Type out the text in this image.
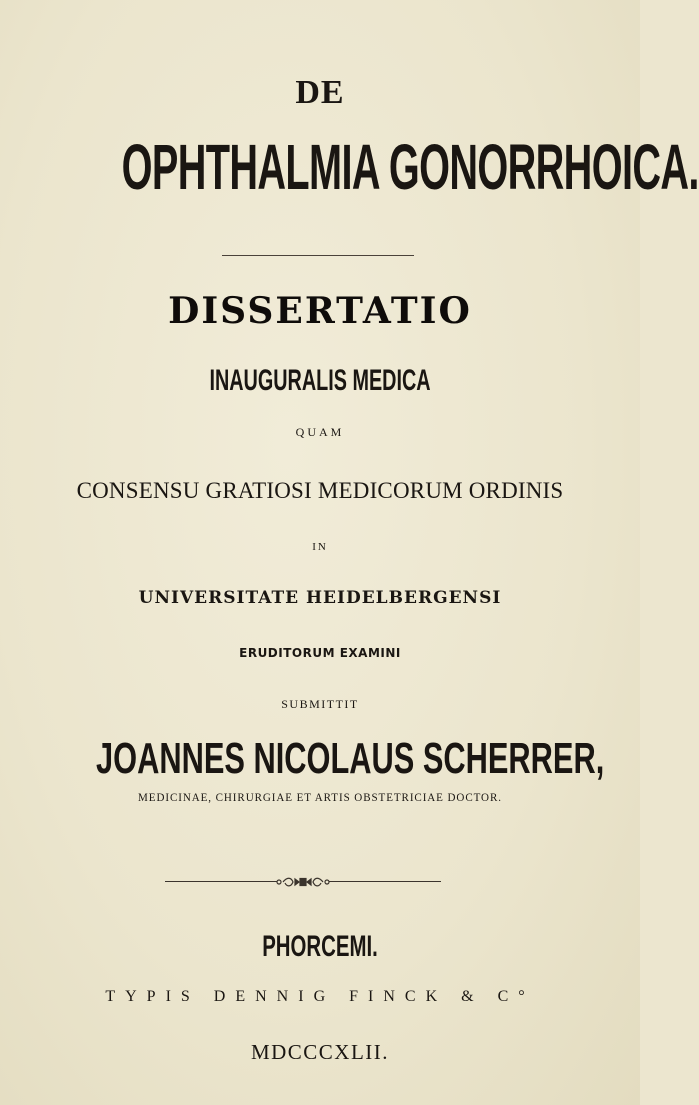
DE

OPHTHALMIA GONORRHOICA.

DISSERTATIO

INAUGURALIS MEDICA

QUAM

CONSENSU GRATIOSI MEDICORUM ORDINIS

IN

UNIVERSITATE HEIDELBERGENSI

ERUDITORUM EXAMINI

SUBMITTIT

JOANNES NICOLAUS SCHERRER,

MEDICINAE, CHIRURGIAE ET ARTIS OBSTETRICIAE DOCTOR.

PHORCEMI.

TYPIS DENNIG FINCK & C°

MDCCCXLII.
